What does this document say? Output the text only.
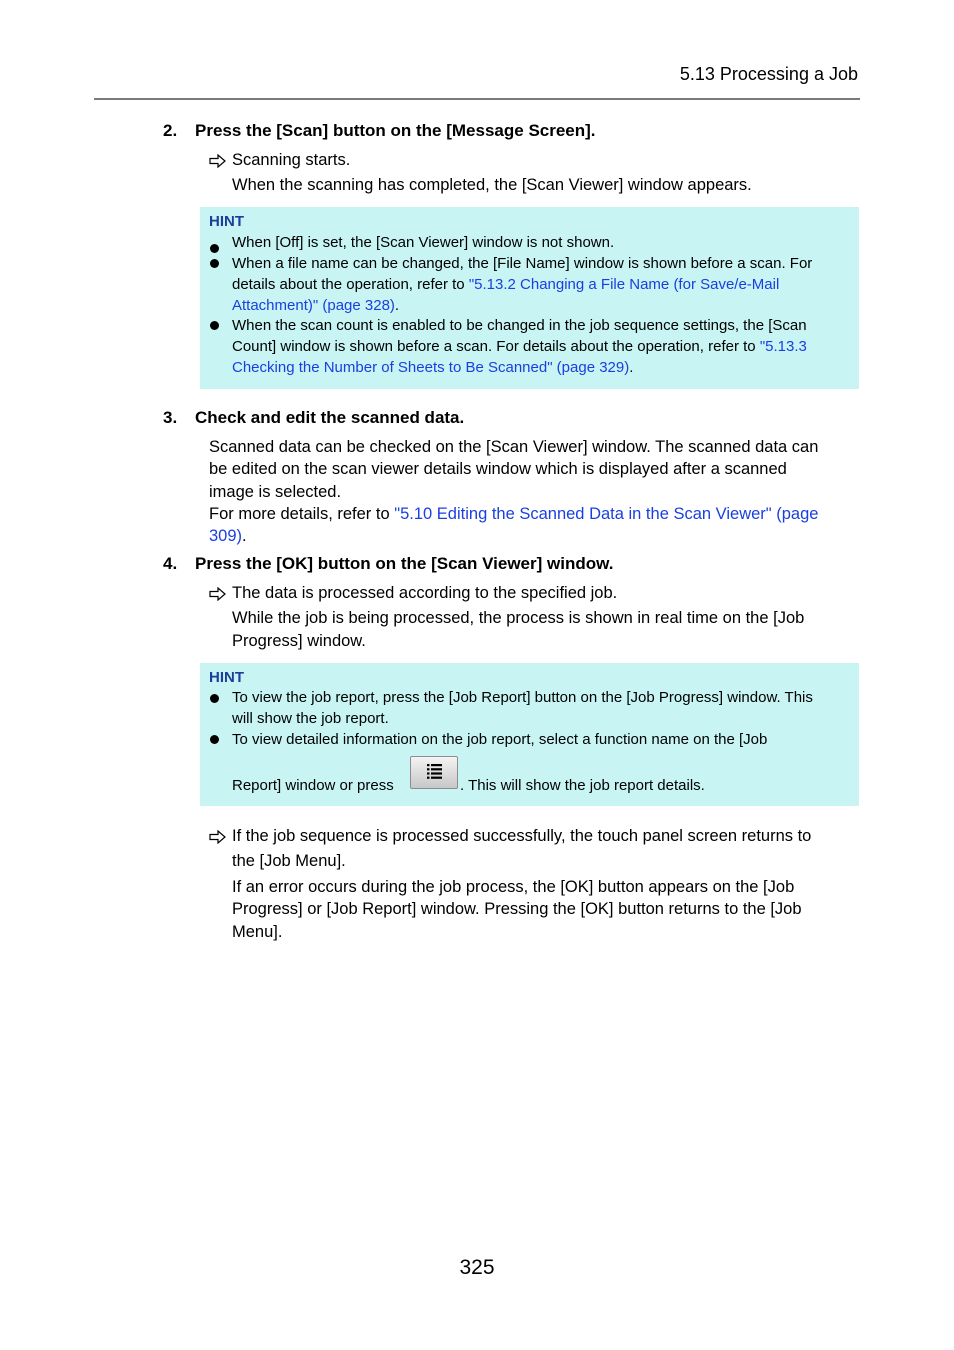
5.13 Processing a Job
2. Press the [Scan] button on the [Message Screen].
Scanning starts.
When the scanning has completed, the [Scan Viewer] window appears.
HINT
When [Off] is set, the [Scan Viewer] window is not shown.
When a file name can be changed, the [File Name] window is shown before a scan. For
details about the operation, refer to "5.13.2 Changing a File Name (for Save/e-Mail
Attachment)" (page 328).
When the scan count is enabled to be changed in the job sequence settings, the [Scan
Count] window is shown before a scan. For details about the operation, refer to "5.13.3
Checking the Number of Sheets to Be Scanned" (page 329).
3. Check and edit the scanned data.
Scanned data can be checked on the [Scan Viewer] window. The scanned data can
be edited on the scan viewer details window which is displayed after a scanned
image is selected.
For more details, refer to "5.10 Editing the Scanned Data in the Scan Viewer" (page
309).
4. Press the [OK] button on the [Scan Viewer] window.
The data is processed according to the specified job.
While the job is being processed, the process is shown in real time on the [Job
Progress] window.
HINT
To view the job report, press the [Job Report] button on the [Job Progress] window. This
will show the job report.
To view detailed information on the job report, select a function name on the [Job
Report] window or press	. This will show the job report details.
If the job sequence is processed successfully, the touch panel screen returns to
the [Job Menu].
If an error occurs during the job process, the [OK] button appears on the [Job
Progress] or [Job Report] window. Pressing the [OK] button returns to the [Job
Menu].
325
